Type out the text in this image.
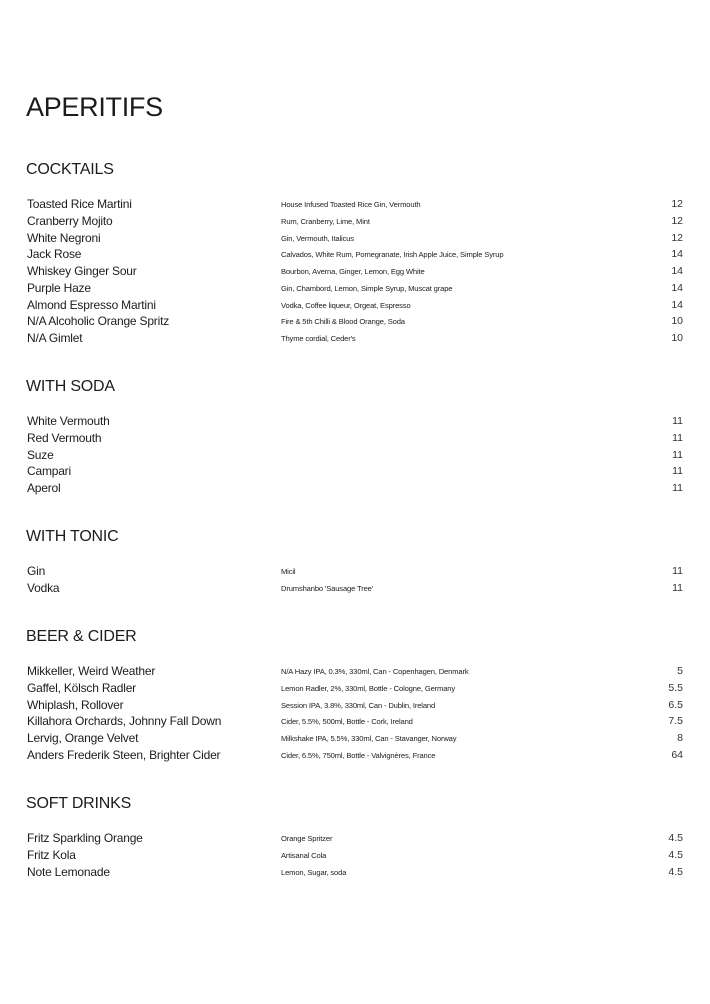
APERITIFS
COCKTAILS
Toasted Rice Martini	House Infused Toasted Rice Gin, Vermouth	12
Cranberry Mojito	Rum, Cranberry, Lime, Mint	12
White Negroni	Gin, Vermouth, Italicus	12
Jack Rose	Calvados, White Rum, Pomegranate, Irish Apple Juice, Simple Syrup	14
Whiskey Ginger Sour	Bourbon, Averna, Ginger, Lemon, Egg White	14
Purple Haze	Gin, Chambord, Lemon, Simple Syrup, Muscat grape	14
Almond Espresso Martini	Vodka, Coffee liqueur, Orgeat, Espresso	14
N/A Alcoholic Orange Spritz	Fire & 5th Chilli & Blood Orange, Soda	10
N/A Gimlet	Thyme cordial, Ceder's	10
WITH SODA
White Vermouth	11
Red Vermouth	11
Suze	11
Campari	11
Aperol	11
WITH TONIC
Gin	Micil	11
Vodka	Drumshanbo 'Sausage Tree'	11
BEER & CIDER
Mikkeller, Weird Weather	N/A Hazy IPA, 0.3%, 330ml, Can - Copenhagen, Denmark	5
Gaffel, Kölsch Radler	Lemon Radler, 2%, 330ml, Bottle - Cologne, Germany	5.5
Whiplash, Rollover	Session IPA, 3.8%, 330ml, Can - Dublin, Ireland	6.5
Killahora Orchards, Johnny Fall Down	Cider, 5.5%, 500ml, Bottle - Cork, Ireland	7.5
Lervig, Orange Velvet	Milkshake IPA, 5.5%, 330ml, Can - Stavanger, Norway	8
Anders Frederik Steen, Brighter Cider	Cider, 6.5%, 750ml, Bottle - Valvignères, France	64
SOFT DRINKS
Fritz Sparkling Orange	Orange Spritzer	4.5
Fritz Kola	Artisanal Cola	4.5
Note Lemonade	Lemon, Sugar, soda	4.5
